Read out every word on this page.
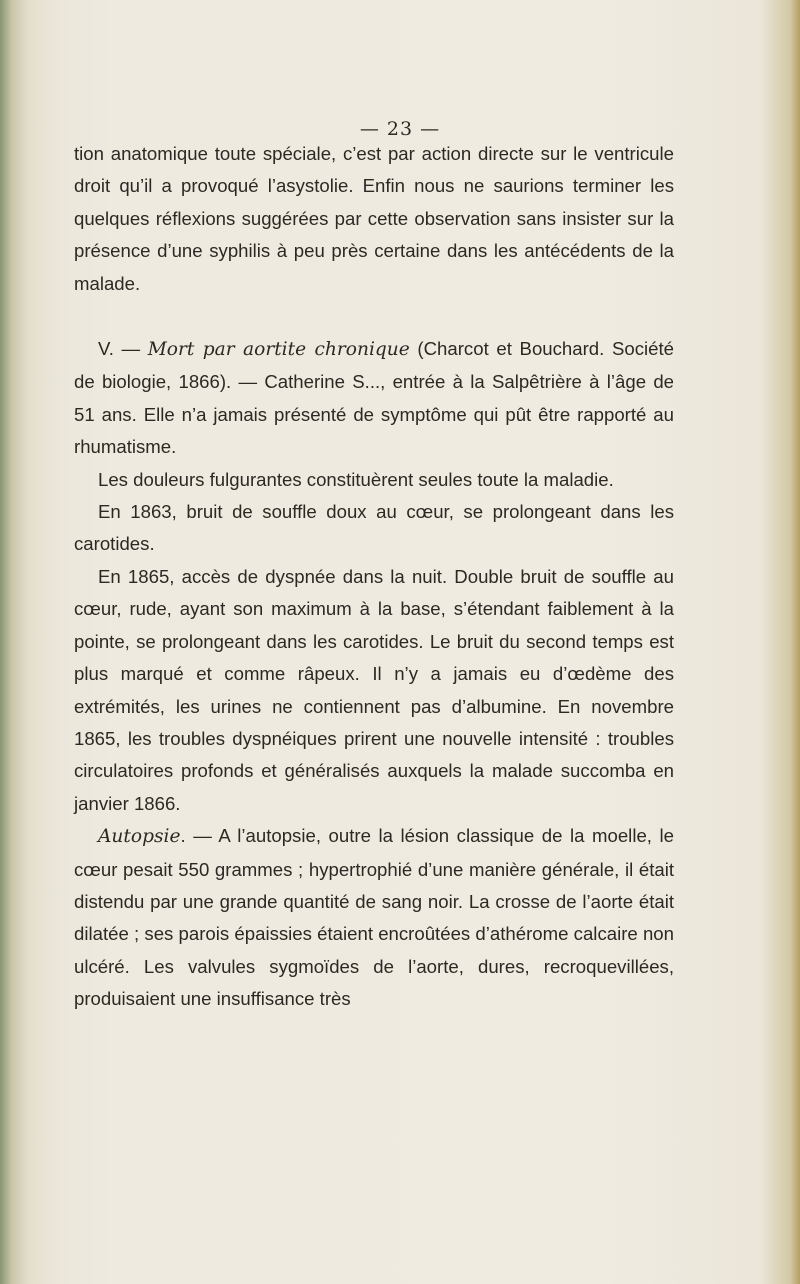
— 23 —

tion anatomique toute spéciale, c’est par action directe sur le ventricule droit qu’il a provoqué l’asystolie. Enfin nous ne saurions terminer les quelques réflexions suggérées par cette observation sans insister sur la présence d’une syphilis à peu près certaine dans les antécédents de la malade.

V. — Mort par aortite chronique (Charcot et Bouchard. Société de biologie, 1866). — Catherine S..., entrée à la Salpêtrière à l’âge de 51 ans. Elle n’a jamais présenté de symptôme qui pût être rapporté au rhumatisme.

Les douleurs fulgurantes constituèrent seules toute la maladie.

En 1863, bruit de souffle doux au cœur, se prolongeant dans les carotides.

En 1865, accès de dyspnée dans la nuit. Double bruit de souffle au cœur, rude, ayant son maximum à la base, s’étendant faiblement à la pointe, se prolongeant dans les carotides. Le bruit du second temps est plus marqué et comme râpeux. Il n’y a jamais eu d’œdème des extrémités, les urines ne contiennent pas d’albumine. En novembre 1865, les troubles dyspnéiques prirent une nouvelle intensité : troubles circulatoires profonds et généralisés auxquels la malade succomba en janvier 1866.

Autopsie. — A l’autopsie, outre la lésion classique de la moelle, le cœur pesait 550 grammes ; hypertrophié d’une manière générale, il était distendu par une grande quantité de sang noir. La crosse de l’aorte était dilatée ; ses parois épaissies étaient encroûtées d’athérome calcaire non ulcéré. Les valvules sygmoïdes de l’aorte, dures, recroquevillées, produisaient une insuffisance très
